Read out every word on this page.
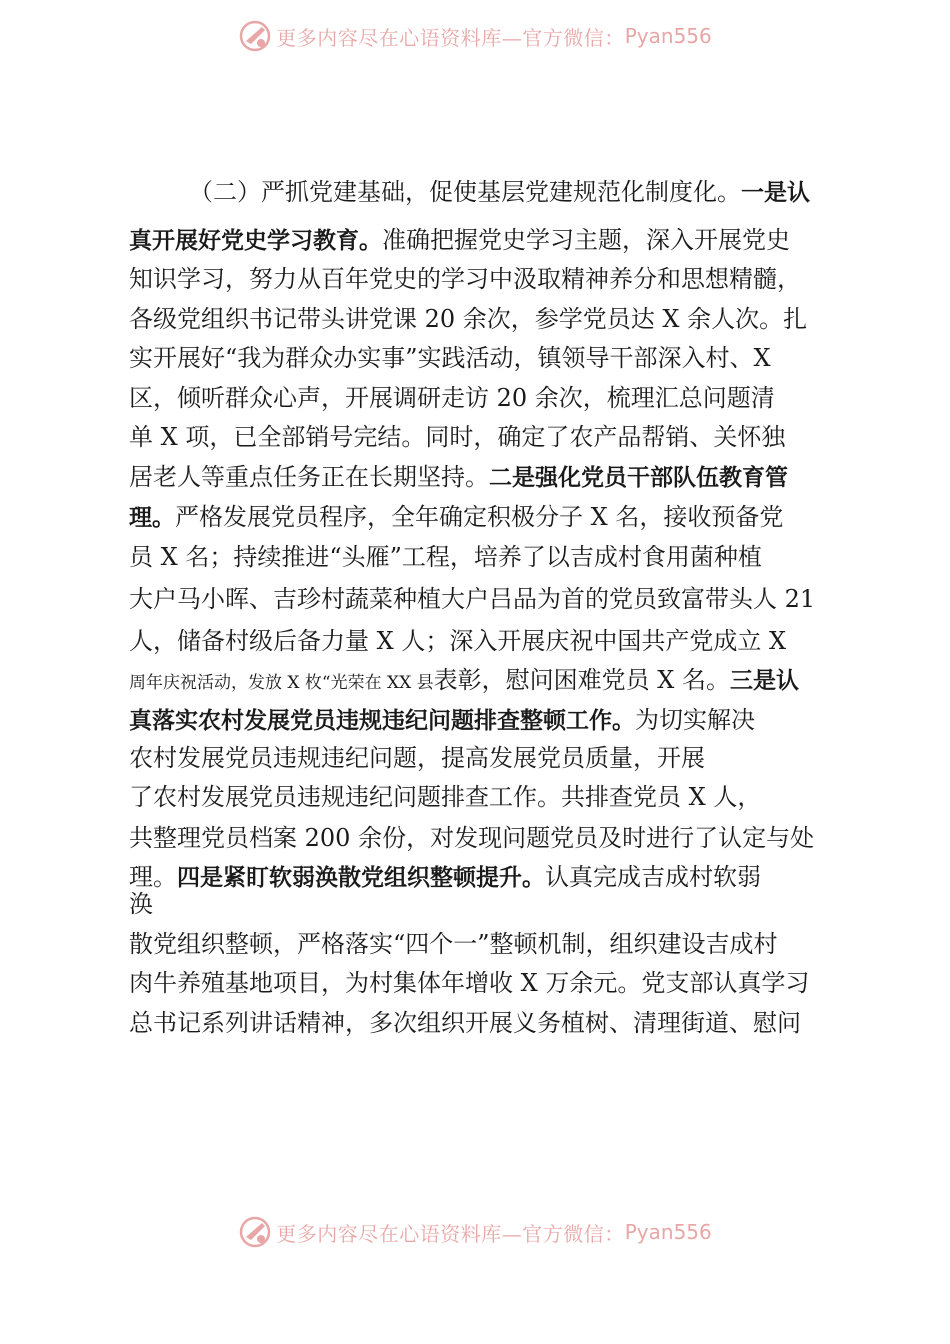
更多内容尽在心语资料库—官方微信： Pyan556
（二）严抓党建基础，促使基层党建规范化制度化。一是认
真开展好党史学习教育。准确把握党史学习主题，深入开展党史
知识学习，努力从百年党史的学习中汲取精神养分和思想精髓，
各级党组织书记带头讲党课 20 余次，参学党员达 X 余人次。扎
实开展好“我为群众办实事”实践活动，镇领导干部深入村、X
区，倾听群众心声，开展调研走访 20 余次，梳理汇总问题清
单 X 项，已全部销号完结。同时，确定了农产品帮销、关怀独
居老人等重点任务正在长期坚持。二是强化党员干部队伍教育管
理。严格发展党员程序，全年确定积极分子 X 名，接收预备党
员 X 名；持续推进“头雁”工程，培养了以吉成村食用菌种植
大户马小晖、吉珍村蔬菜种植大户吕品为首的党员致富带头人 21
人，储备村级后备力量 X 人；深入开展庆祝中国共产党成立 X
周年庆祝活动，发放 X 枚“光荣在 XX 县表彰，慰问困难党员 X 名。三是认
真落实农村发展党员违规违纪问题排查整顿工作。为切实解决
农村发展党员违规违纪问题，提高发展党员质量，开展
了农村发展党员违规违纪问题排查工作。共排查党员 X 人，
共整理党员档案 200 余份，对发现问题党员及时进行了认定与处
理。四是紧盯软弱涣散党组织整顿提升。认真完成吉成村软弱
涣
散党组织整顿，严格落实“四个一”整顿机制，组织建设吉成村
肉牛养殖基地项目，为村集体年增收 X 万余元。党支部认真学习
总书记系列讲话精神，多次组织开展义务植树、清理街道、慰问
更多内容尽在心语资料库—官方微信： Pyan556
